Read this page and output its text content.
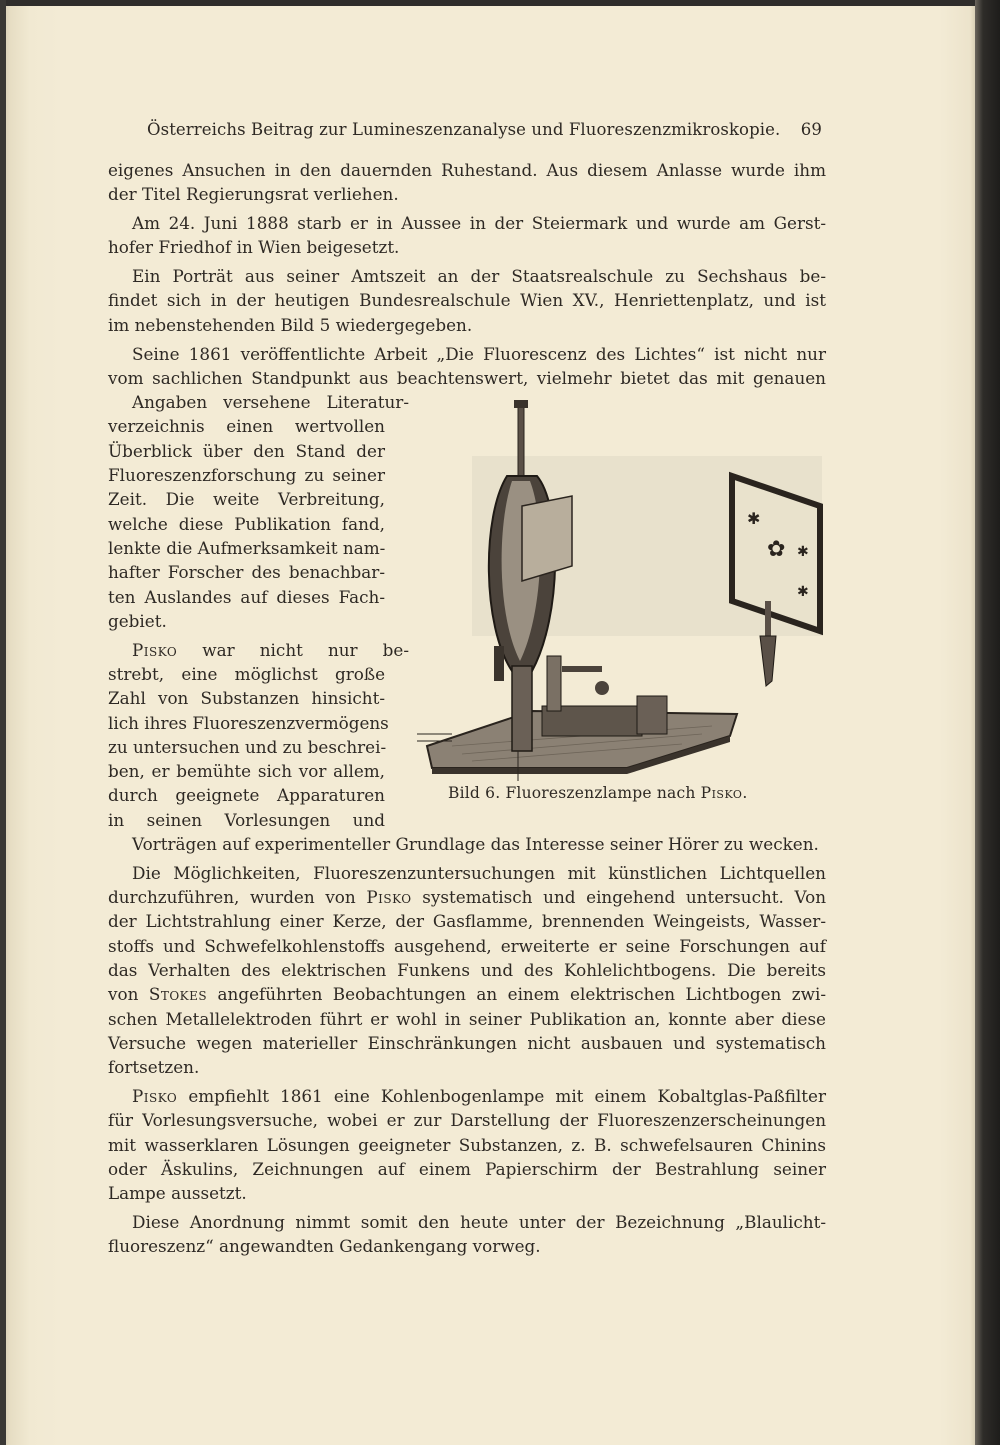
Österreichs Beitrag zur Lumineszenzanalyse und Fluoreszenzmikroskopie. 69
eigenes Ansuchen in den dauernden Ruhestand. Aus diesem Anlasse wurde ihm
der Titel Regierungsrat verliehen.
Am 24. Juni 1888 starb er in Aussee in der Steiermark und wurde am Gerst-
hofer Friedhof in Wien beigesetzt.
Ein Porträt aus seiner Amtszeit an der Staatsrealschule zu Sechshaus be-
findet sich in der heutigen Bundesrealschule Wien XV., Henriettenplatz, und ist
im nebenstehenden Bild 5 wiedergegeben.
Seine 1861 veröffentlichte Arbeit „Die Fluorescenz des Lichtes“ ist nicht nur
vom sachlichen Standpunkt aus beachtenswert, vielmehr bietet das mit genauen
Angaben versehene Literatur-
verzeichnis einen wertvollen
Überblick über den Stand der
Fluoreszenzforschung zu seiner
Zeit. Die weite Verbreitung,
welche diese Publikation fand,
lenkte die Aufmerksamkeit nam-
hafter Forscher des benachbar-
ten Auslandes auf dieses Fach-
gebiet.
Pisko war nicht nur be-
strebt, eine möglichst große
Zahl von Substanzen hinsicht-
lich ihres Fluoreszenzvermögens
zu untersuchen und zu beschrei-
ben, er bemühte sich vor allem,
durch geeignete Apparaturen
in seinen Vorlesungen und
Vorträgen auf experimenteller Grundlage das Interesse seiner Hörer zu wecken.
Die Möglichkeiten, Fluoreszenzuntersuchungen mit künstlichen Lichtquellen
durchzuführen, wurden von Pisko systematisch und eingehend untersucht. Von
der Lichtstrahlung einer Kerze, der Gasflamme, brennenden Weingeists, Wasser-
stoffs und Schwefelkohlenstoffs ausgehend, erweiterte er seine Forschungen auf
das Verhalten des elektrischen Funkens und des Kohlelichtbogens. Die bereits
von Stokes angeführten Beobachtungen an einem elektrischen Lichtbogen zwi-
schen Metallelektroden führt er wohl in seiner Publikation an, konnte aber diese
Versuche wegen materieller Einschränkungen nicht ausbauen und systematisch
fortsetzen.
Pisko empfiehlt 1861 eine Kohlenbogenlampe mit einem Kobaltglas-Paßfilter
für Vorlesungsversuche, wobei er zur Darstellung der Fluoreszenzerscheinungen
mit wasserklaren Lösungen geeigneter Substanzen, z. B. schwefelsauren Chinins
oder Äskulins, Zeichnungen auf einem Papierschirm der Bestrahlung seiner
Lampe aussetzt.
Diese Anordnung nimmt somit den heute unter der Bezeichnung „Blaulicht-
fluoreszenz“ angewandten Gedankengang vorweg.
✱
✿ ✱
✱
Bild 6. Fluoreszenzlampe nach Pisko.
